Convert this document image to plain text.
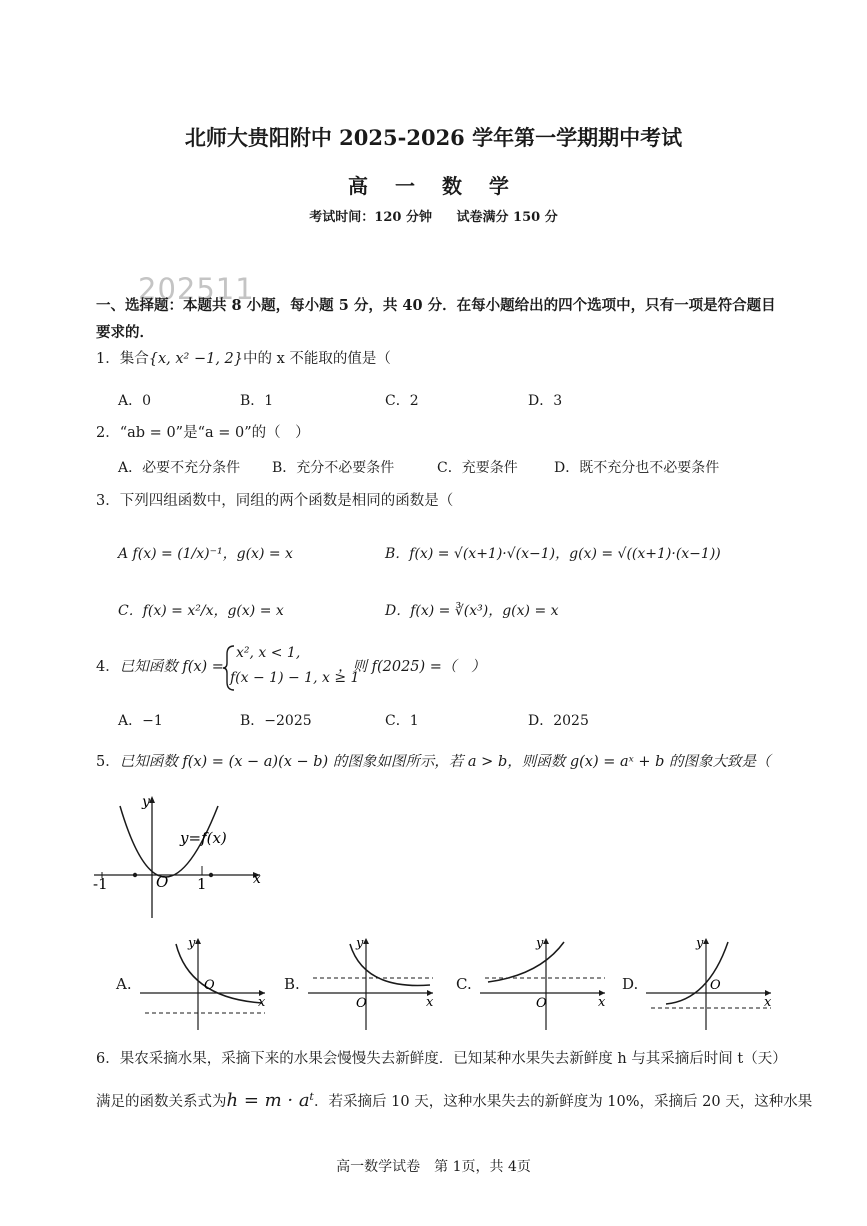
北师大贵阳附中 2025-2026 学年第一学期期中考试
高 一 数 学
考试时间：120 分钟 试卷满分 150 分
202511
一、选择题：本题共 8 小题，每小题 5 分，共 40 分．在每小题给出的四个选项中，只有一项是符合题目要求的．
1．集合{x, x² −1, 2}中的 x 不能取的值是（
A．0	B．1	C．2	D．3
2．“ab = 0”是“a = 0”的（　）
A．必要不充分条件 B．充分不必要条件	C．充要条件	D．既不充分也不必要条件
3．下列四组函数中，同组的两个函数是相同的函数是（
A f(x) = (1/x)⁻¹，g(x) = x	B．f(x) = √(x+1)·√(x−1)，g(x) = √((x+1)·(x−1))
C．f(x) = x²/x，g(x) = x	D．f(x) = ∛(x³)，g(x) = x
4．已知函数 f(x) =
x², x < 1,
f(x − 1) − 1, x ≥ 1
，则 f(2025) =（　）
A．−1	B．−2025	C．1	D．2025
5．已知函数 f(x) = (x − a)(x − b) 的图象如图所示，若 a > b，则函数 g(x) = aˣ + b 的图象大致是（
y
y=f(x)
x
O
-1	1
A.
y
O
x
B.
y
O	x
C.
y
O	x
D.
y
O
x
6．果农采摘水果，采摘下来的水果会慢慢失去新鲜度．已知某种水果失去新鲜度 h 与其采摘后时间 t（天）
满足的函数关系式为h = m · aᵗ．若采摘后 10 天，这种水果失去的新鲜度为 10%，采摘后 20 天，这种水果
高一数学试卷　第 1页，共 4页
